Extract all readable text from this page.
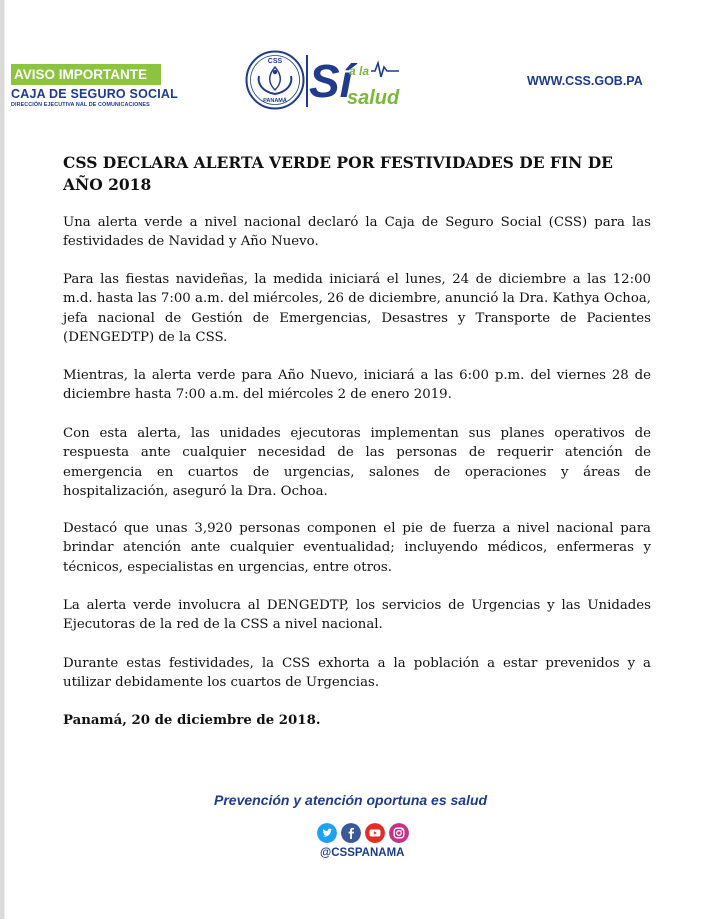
AVISO IMPORTANTE
CAJA DE SEGURO SOCIAL
DIRECCIÓN EJECUTIVA NAL DE COMUNICACIONES
CSS
PANAMÁ Sí
a la
salud
WWW.CSS.GOB.PA
CSS DECLARA ALERTA VERDE POR FESTIVIDADES DE FIN DE AÑO 2018
Una alerta verde a nivel nacional declaró la Caja de Seguro Social (CSS) para las festividades de Navidad y Año Nuevo.
Para las fiestas navideñas, la medida iniciará el lunes, 24 de diciembre a las 12:00 m.d. hasta las 7:00 a.m. del miércoles, 26 de diciembre, anunció la Dra. Kathya Ochoa, jefa nacional de Gestión de Emergencias, Desastres y Transporte de Pacientes (DENGEDTP) de la CSS.
Mientras, la alerta verde para Año Nuevo, iniciará a las 6:00 p.m. del viernes 28 de diciembre hasta 7:00 a.m. del miércoles 2 de enero 2019.
Con esta alerta, las unidades ejecutoras implementan sus planes operativos de respuesta ante cualquier necesidad de las personas de requerir atención de emergencia en cuartos de urgencias, salones de operaciones y áreas de hospitalización, aseguró la Dra. Ochoa.
Destacó que unas 3,920 personas componen el pie de fuerza a nivel nacional para brindar atención ante cualquier eventualidad; incluyendo médicos, enfermeras y técnicos, especialistas en urgencias, entre otros.
La alerta verde involucra al DENGEDTP, los servicios de Urgencias y las Unidades Ejecutoras de la red de la CSS a nivel nacional.
Durante estas festividades, la CSS exhorta a la población a estar prevenidos y a utilizar debidamente los cuartos de Urgencias.
Panamá, 20 de diciembre de 2018.
Prevención y atención oportuna es salud
@CSSPANAMA
